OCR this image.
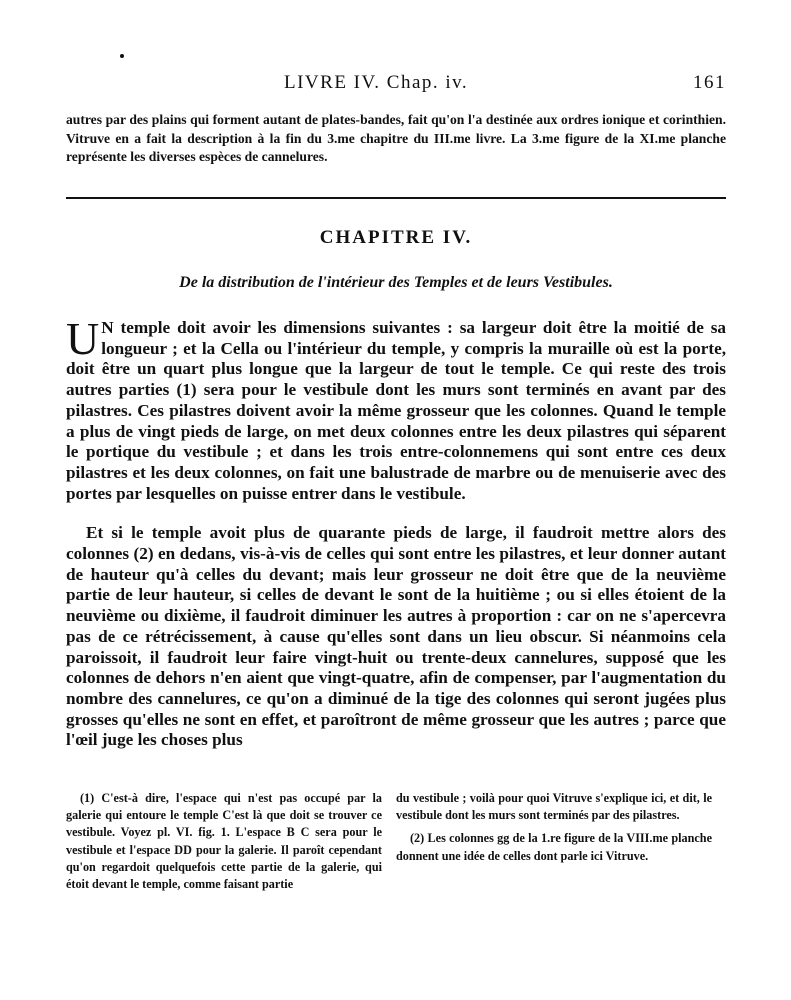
LIVRE IV. Chap. iv.	161
autres par des plains qui forment autant de plates-bandes, fait qu'on l'a destinée aux ordres ionique et corinthien. Vitruve en a fait la description à la fin du 3.me chapitre du III.me livre. La 3.me figure de la XI.me planche représente les diverses espèces de cannelures.
CHAPITRE IV.
De la distribution de l'intérieur des Temples et de leurs Vestibules.

U N temple doit avoir les dimensions suivantes : sa largeur doit être la moitié de sa longueur ; et la Cella ou l'intérieur du temple, y compris la muraille où est la porte, doit être un quart plus longue que la largeur de tout le temple. Ce qui reste des trois autres parties (1) sera pour le vestibule dont les murs sont terminés en avant par des pilastres. Ces pilastres doivent avoir la même grosseur que les colonnes. Quand le temple a plus de vingt pieds de large, on met deux colonnes entre les deux pilastres qui séparent le portique du vestibule ; et dans les trois entre-colonnemens qui sont entre ces deux pilastres et les deux colonnes, on fait une balustrade de marbre ou de menuiserie avec des portes par lesquelles on puisse entrer dans le vestibule.

Et si le temple avoit plus de quarante pieds de large, il faudroit mettre alors des colonnes (2) en dedans, vis-à-vis de celles qui sont entre les pilastres, et leur donner autant de hauteur qu'à celles du devant; mais leur grosseur ne doit être que de la neuvième partie de leur hauteur, si celles de devant le sont de la huitième ; ou si elles étoient de la neuvième ou dixième, il faudroit diminuer les autres à proportion : car on ne s'apercevra pas de ce rétrécissement, à cause qu'elles sont dans un lieu obscur. Si néanmoins cela paroissoit, il faudroit leur faire vingt-huit ou trente-deux cannelures, supposé que les colonnes de dehors n'en aient que vingt-quatre, afin de compenser, par l'augmentation du nombre des cannelures, ce qu'on a diminué de la tige des colonnes qui seront jugées plus grosses qu'elles ne sont en effet, et paroîtront de même grosseur que les autres ; parce que l'œil juge les choses plus

(1) C'est-à dire, l'espace qui n'est pas occupé par la galerie qui entoure le temple C'est là que doit se trouver ce vestibule. Voyez pl. VI. fig. 1. L'espace B C sera pour le vestibule et l'espace DD pour la galerie. Il paroît cependant qu'on regardoit quelquefois cette partie de la galerie, qui étoit devant le temple, comme faisant partie

du vestibule ; voilà pour quoi Vitruve s'explique ici, et dit, le vestibule dont les murs sont terminés par des pilastres.

(2) Les colonnes gg de la 1.re figure de la VIII.me planche donnent une idée de celles dont parle ici Vitruve.
